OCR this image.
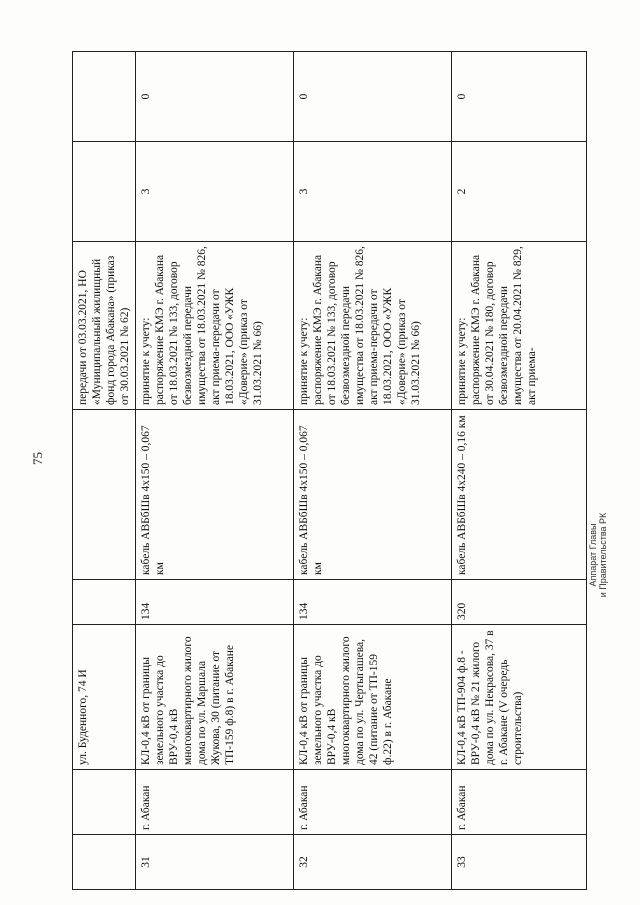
75
		ул. Буденного, 74 И			передачи от 03.03.2021, НО «Муниципальный жилищный фонд города Абакана» (приказ от 30.03.2021 № 62)		
31	г. Абакан	КЛ-0,4 кВ от границы земельного участка до ВРУ-0,4 кВ многоквартирного жилого дома по ул. Маршала Жукова, 30 (питание от ТП-159 ф.8) в г. Абакане	134	кабель АВБбШв 4х150 – 0,067 км	принятие к учету: распоряжение КМЭ г. Абакана от 18.03.2021 № 133, договор безвозмездной передачи имущества от 18.03.2021 № 826, акт приема-передачи от 18.03.2021, ООО «УЖК «Доверие» (приказ от 31.03.2021 № 66)	3	0
32	г. Абакан	КЛ-0,4 кВ от границы земельного участка до ВРУ-0,4 кВ многоквартирного жилого дома по ул. Чертыгашева, 42 (питание от ТП-159 ф.22) в г. Абакане	134	кабель АВБбШв 4х150 – 0,067 км	принятие к учету: распоряжение КМЭ г. Абакана от 18.03.2021 № 133, договор безвозмездной передачи имущества от 18.03.2021 № 826, акт приема-передачи от 18.03.2021, ООО «УЖК «Доверие» (приказ от 31.03.2021 № 66)	3	0
33	г. Абакан	КЛ-0,4 кВ ТП-904 ф.8 - ВРУ-0,4 кВ № 21 жилого дома по ул. Некрасова, 37 в г. Абакане (V очередь строительства)	320	кабель АВБбШв 4х240 – 0,16 км	принятие к учету: распоряжение КМЭ г. Абакана от 30.04.2021 № 180, договор безвозмездной передачи имущества от 20.04.2021 № 829, акт приема-	2	0
Аппарат Главы и Правительства РК
